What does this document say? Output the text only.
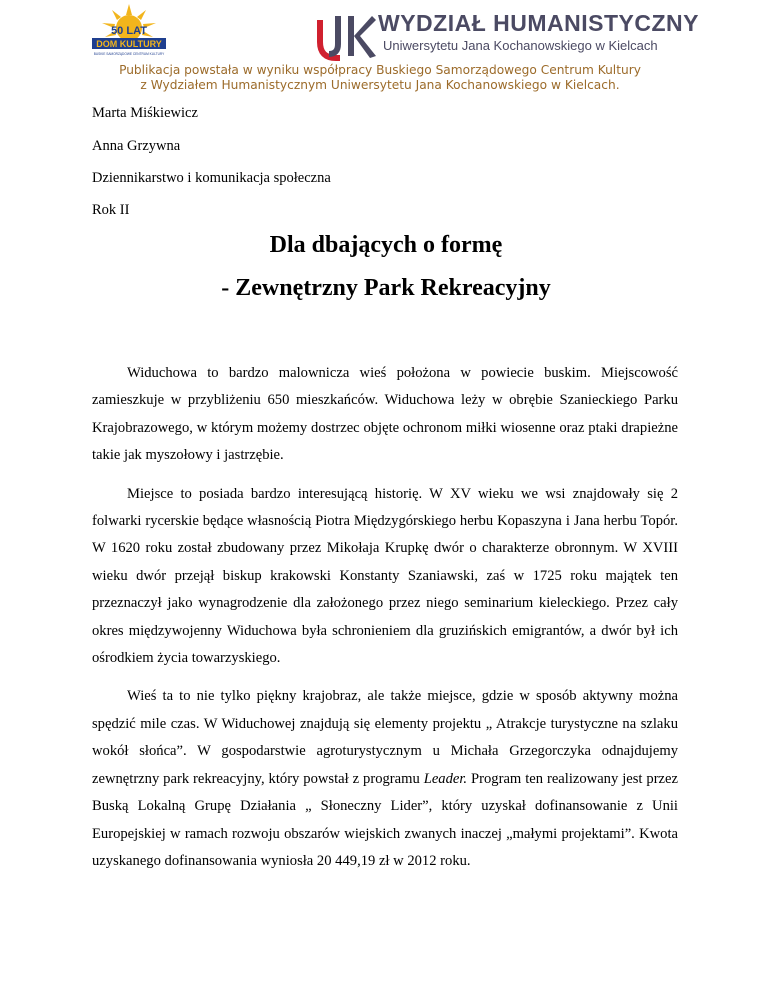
50 LAT
DOM KULTURY
BUSKIE SAMORZĄDOWE CENTRUM KULTURY
WYDZIAŁ HUMANISTYCZNY
Uniwersytetu Jana Kochanowskiego w Kielcach
Publikacja powstała w wyniku współpracy Buskiego Samorządowego Centrum Kultury
z Wydziałem Humanistycznym Uniwersytetu Jana Kochanowskiego w Kielcach.
Marta Miśkiewicz
Anna Grzywna
Dziennikarstwo i komunikacja społeczna
Rok II
Dla dbających o formę
- Zewnętrzny Park Rekreacyjny

Widuchowa to bardzo malownicza wieś położona w powiecie buskim. Miejscowość zamieszkuje w przybliżeniu 650 mieszkańców. Widuchowa leży w obrębie Szanieckiego Parku Krajobrazowego, w którym możemy dostrzec objęte ochronom miłki wiosenne oraz ptaki drapieżne takie jak myszołowy i jastrzębie.

Miejsce to posiada bardzo interesującą historię. W XV wieku we wsi znajdowały się 2 folwarki rycerskie będące własnością Piotra Międzygórskiego herbu Kopaszyna i Jana herbu Topór. W 1620 roku został zbudowany przez Mikołaja Krupkę dwór o charakterze obronnym. W XVIII wieku dwór przejął biskup krakowski Konstanty Szaniawski, zaś w 1725 roku majątek ten przeznaczył jako wynagrodzenie dla założonego przez niego seminarium kieleckiego. Przez cały okres międzywojenny Widuchowa była schronieniem dla gruzińskich emigrantów, a dwór był ich ośrodkiem życia towarzyskiego.

Wieś ta to nie tylko piękny krajobraz, ale także miejsce, gdzie w sposób aktywny można spędzić mile czas. W Widuchowej znajdują się elementy projektu „ Atrakcje turystyczne na szlaku wokół słońca”. W gospodarstwie agroturystycznym u Michała Grzegorczyka odnajdujemy zewnętrzny park rekreacyjny, który powstał z programu Leader. Program ten realizowany jest przez Buską Lokalną Grupę Działania „ Słoneczny Lider”, który uzyskał dofinansowanie z Unii Europejskiej w ramach rozwoju obszarów wiejskich zwanych inaczej „małymi projektami”. Kwota uzyskanego dofinansowania wyniosła 20 449,19 zł w 2012 roku.
